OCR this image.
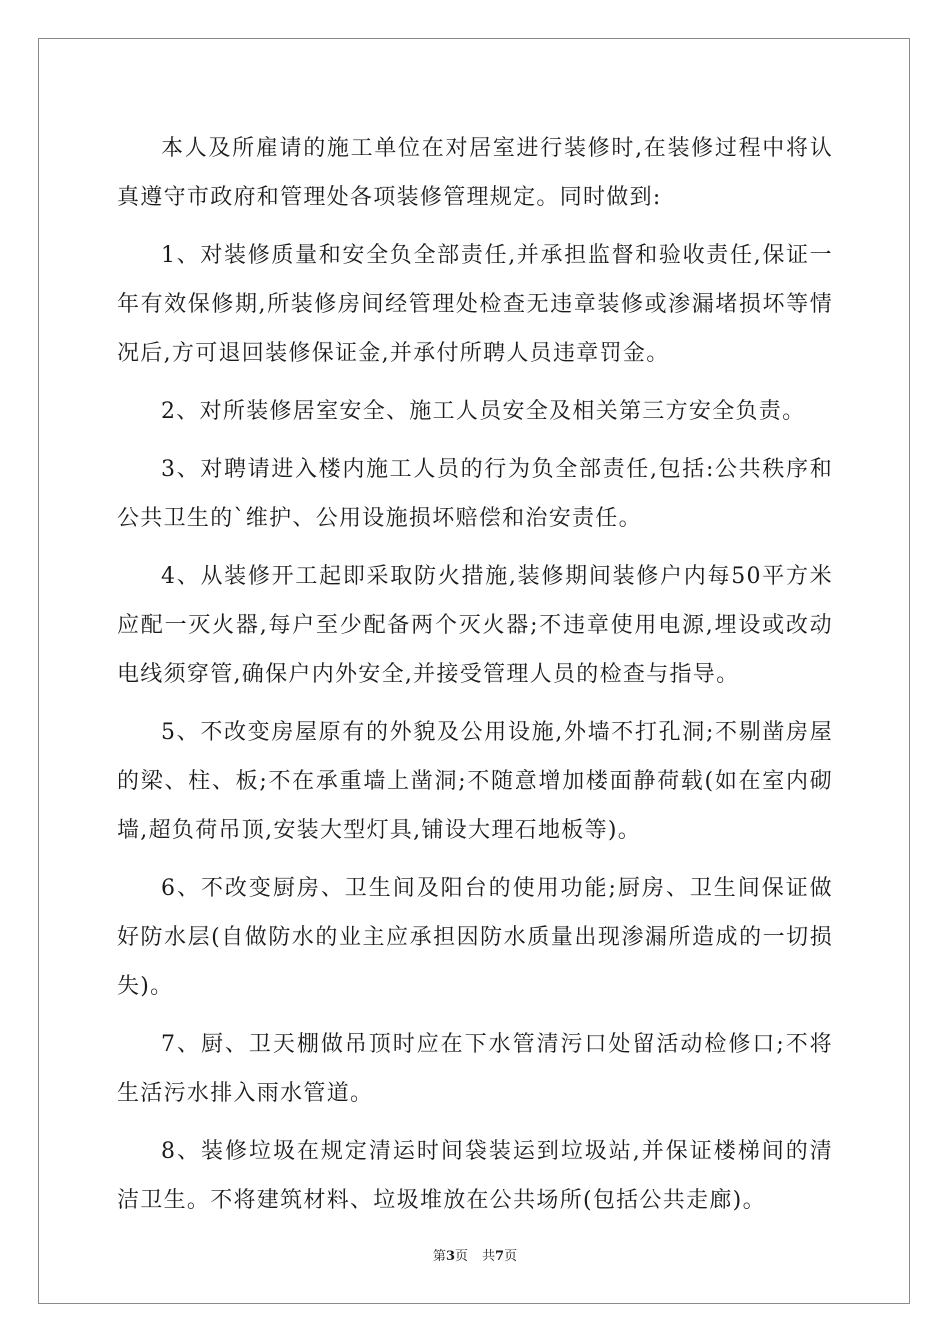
本人及所雇请的施工单位在对居室进行装修时,在装修过程中将认真遵守市政府和管理处各项装修管理规定。同时做到:

1、对装修质量和安全负全部责任,并承担监督和验收责任,保证一年有效保修期,所装修房间经管理处检查无违章装修或渗漏堵损坏等情况后,方可退回装修保证金,并承付所聘人员违章罚金。

2、对所装修居室安全、施工人员安全及相关第三方安全负责。

3、对聘请进入楼内施工人员的行为负全部责任,包括:公共秩序和公共卫生的`维护、公用设施损坏赔偿和治安责任。

4、从装修开工起即采取防火措施,装修期间装修户内每50平方米应配一灭火器,每户至少配备两个灭火器;不违章使用电源,埋设或改动电线须穿管,确保户内外安全,并接受管理人员的检查与指导。

5、不改变房屋原有的外貌及公用设施,外墙不打孔洞;不剔凿房屋的梁、柱、板;不在承重墙上凿洞;不随意增加楼面静荷载(如在室内砌墙,超负荷吊顶,安装大型灯具,铺设大理石地板等)。

6、不改变厨房、卫生间及阳台的使用功能;厨房、卫生间保证做好防水层(自做防水的业主应承担因防水质量出现渗漏所造成的一切损失)。

7、厨、卫天棚做吊顶时应在下水管清污口处留活动检修口;不将生活污水排入雨水管道。

8、装修垃圾在规定清运时间袋装运到垃圾站,并保证楼梯间的清洁卫生。不将建筑材料、垃圾堆放在公共场所(包括公共走廊)。

第3页 共7页
